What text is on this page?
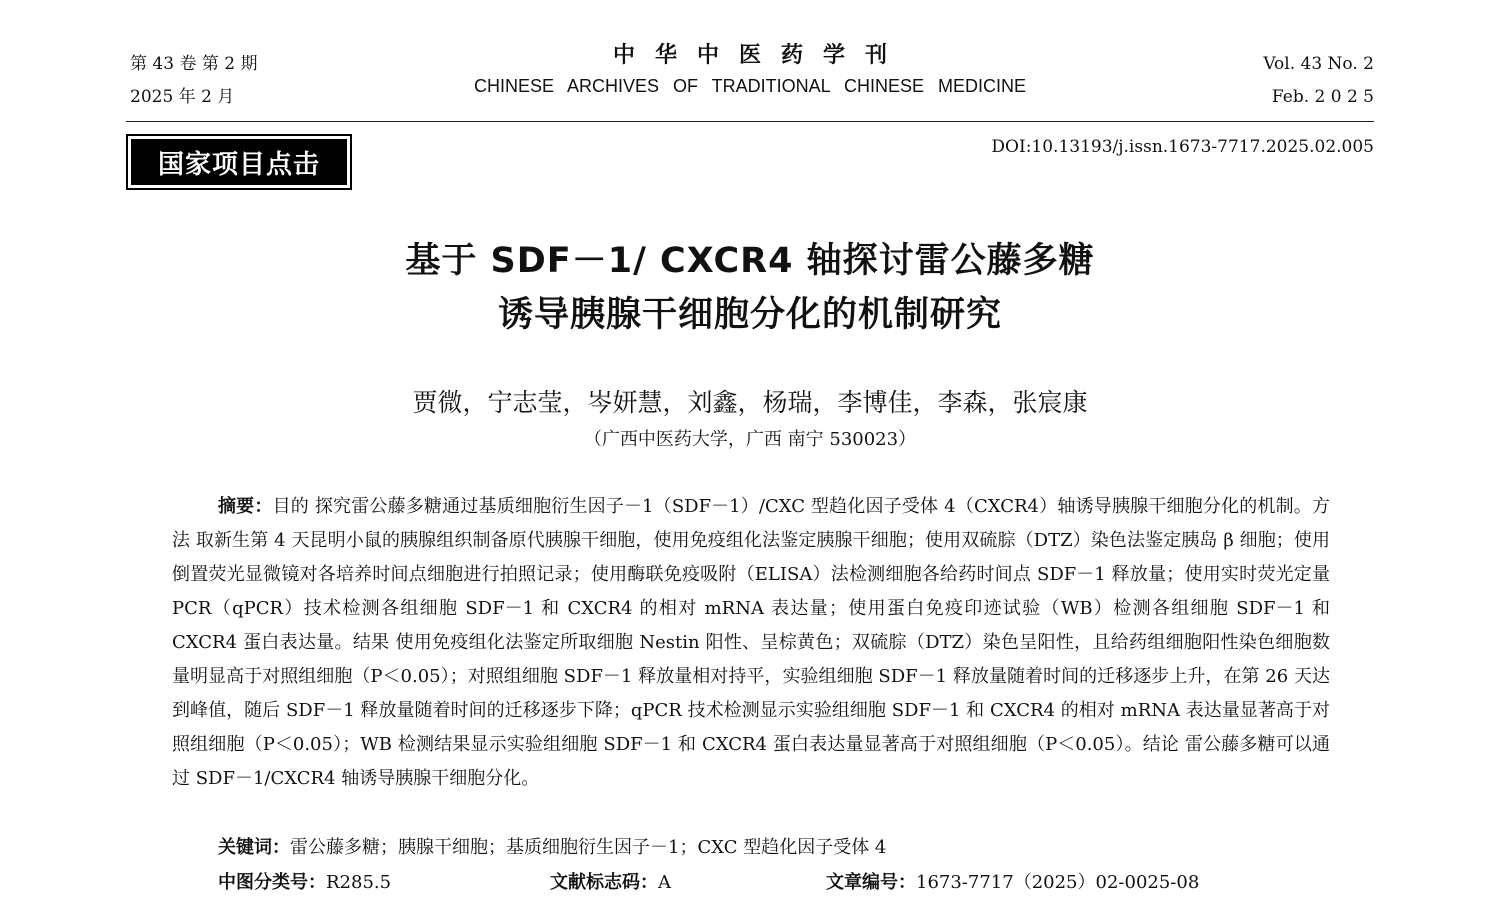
第 43 卷 第 2 期
2025 年 2 月
中华中医药学刊
CHINESE ARCHIVES OF TRADITIONAL CHINESE MEDICINE
Vol. 43 No. 2
Feb. 2 0 2 5
国家项目点击
DOI:10.13193/j.issn.1673-7717.2025.02.005
基于 SDF－1/ CXCR4 轴探讨雷公藤多糖
诱导胰腺干细胞分化的机制研究
贾微，宁志莹，岑妍慧，刘鑫，杨瑞，李博佳，李森，张宸康
（广西中医药大学，广西 南宁 530023）

摘要：目的 探究雷公藤多糖通过基质细胞衍生因子－1（SDF－1）/CXC 型趋化因子受体 4（CXCR4）轴诱导胰腺干细胞分化的机制。方法 取新生第 4 天昆明小鼠的胰腺组织制备原代胰腺干细胞，使用免疫组化法鉴定胰腺干细胞；使用双硫腙（DTZ）染色法鉴定胰岛 β 细胞；使用倒置荧光显微镜对各培养时间点细胞进行拍照记录；使用酶联免疫吸附（ELISA）法检测细胞各给药时间点 SDF－1 释放量；使用实时荧光定量 PCR（qPCR）技术检测各组细胞 SDF－1 和 CXCR4 的相对 mRNA 表达量；使用蛋白免疫印迹试验（WB）检测各组细胞 SDF－1 和 CXCR4 蛋白表达量。结果 使用免疫组化法鉴定所取细胞 Nestin 阳性、呈棕黄色；双硫腙（DTZ）染色呈阳性，且给药组细胞阳性染色细胞数量明显高于对照组细胞（P＜0.05）；对照组细胞 SDF－1 释放量相对持平，实验组细胞 SDF－1 释放量随着时间的迁移逐步上升，在第 26 天达到峰值，随后 SDF－1 释放量随着时间的迁移逐步下降；qPCR 技术检测显示实验组细胞 SDF－1 和 CXCR4 的相对 mRNA 表达量显著高于对照组细胞（P＜0.05）；WB 检测结果显示实验组细胞 SDF－1 和 CXCR4 蛋白表达量显著高于对照组细胞（P＜0.05）。结论 雷公藤多糖可以通过 SDF－1/CXCR4 轴诱导胰腺干细胞分化。

关键词：雷公藤多糖；胰腺干细胞；基质细胞衍生因子－1；CXC 型趋化因子受体 4
中图分类号：R285.5	文献标志码：A	文章编号：1673-7717（2025）02-0025-08
